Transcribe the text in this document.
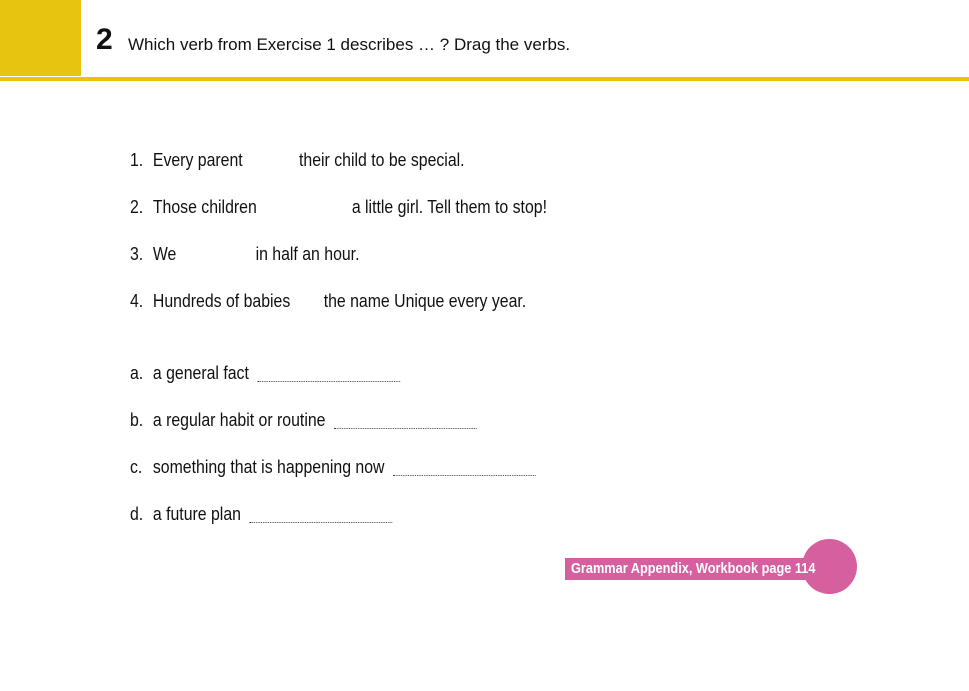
2 Which verb from Exercise 1 describes … ? Drag the verbs.
1. Every parent	their child to be special.
2. Those children	a little girl. Tell them to stop!
3. We	in half an hour.
4. Hundreds of babies the name Unique every year.
a. a general fact
b. a regular habit or routine
c. something that is happening now
d. a future plan
Grammar Appendix, Workbook page 114
